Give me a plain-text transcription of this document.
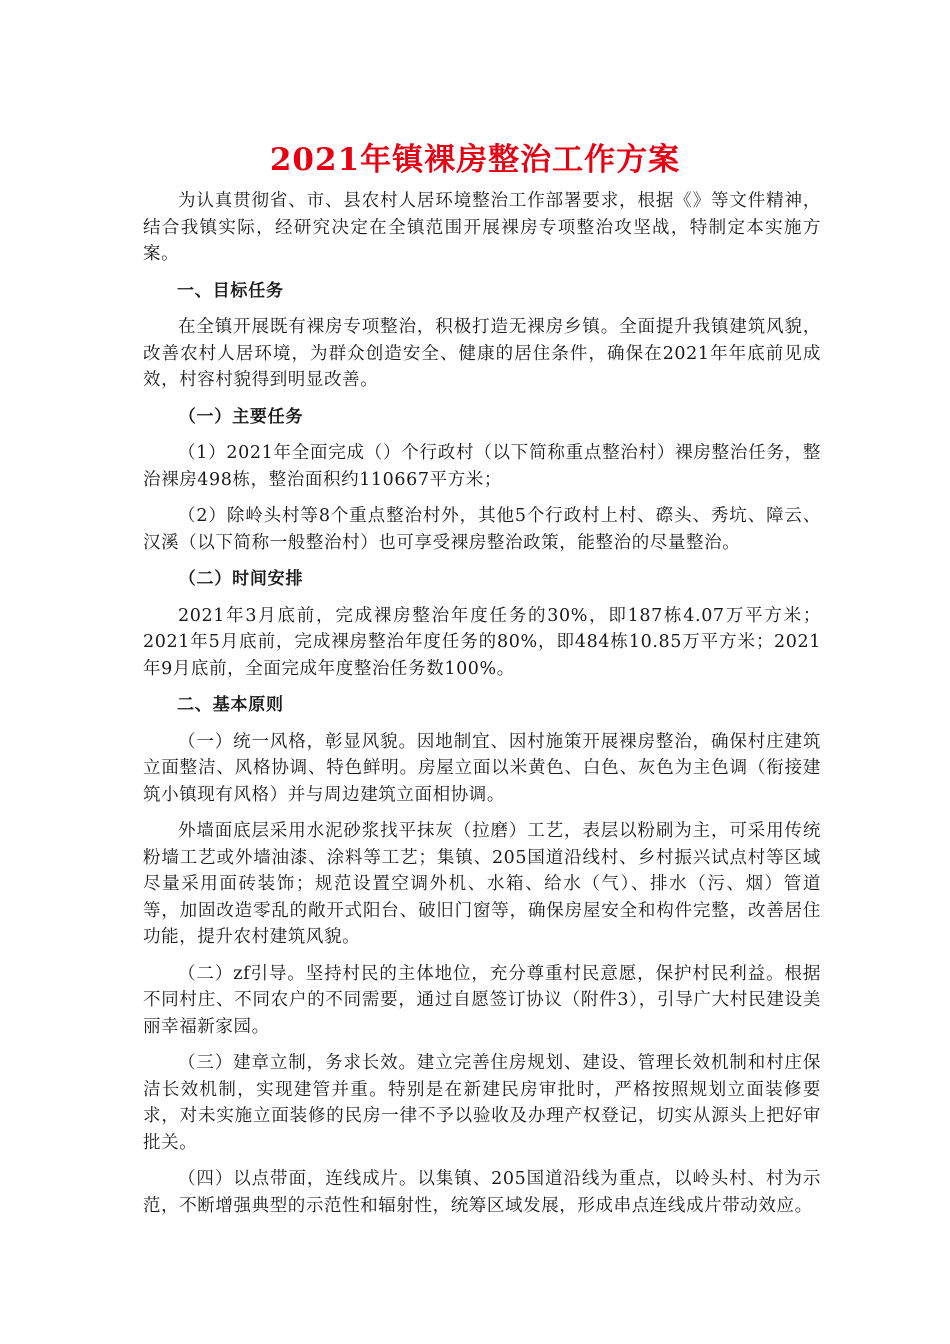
2021年镇裸房整治工作方案

为认真贯彻省、市、县农村人居环境整治工作部署要求，根据《》等文件精神，结合我镇实际，经研究决定在全镇范围开展裸房专项整治攻坚战，特制定本实施方案。

一、目标任务

在全镇开展既有裸房专项整治，积极打造无裸房乡镇。全面提升我镇建筑风貌，改善农村人居环境，为群众创造安全、健康的居住条件，确保在2021年年底前见成效，村容村貌得到明显改善。

（一）主要任务

（1）2021年全面完成（）个行政村（以下简称重点整治村）裸房整治任务，整治裸房498栋，整治面积约110667平方米；

（2）除岭头村等8个重点整治村外，其他5个行政村上村、磜头、秀坑、障云、汉溪（以下简称一般整治村）也可享受裸房整治政策，能整治的尽量整治。

（二）时间安排

2021年3月底前，完成裸房整治年度任务的30%，即187栋4.07万平方米；2021年5月底前，完成裸房整治年度任务的80%，即484栋10.85万平方米；2021年9月底前，全面完成年度整治任务数100%。

二、基本原则

（一）统一风格，彰显风貌。因地制宜、因村施策开展裸房整治，确保村庄建筑立面整洁、风格协调、特色鲜明。房屋立面以米黄色、白色、灰色为主色调（衔接建筑小镇现有风格）并与周边建筑立面相协调。

外墙面底层采用水泥砂浆找平抹灰（拉磨）工艺，表层以粉刷为主，可采用传统粉墙工艺或外墙油漆、涂料等工艺；集镇、205国道沿线村、乡村振兴试点村等区域尽量采用面砖装饰；规范设置空调外机、水箱、给水（气）、排水（污、烟）管道等，加固改造零乱的敞开式阳台、破旧门窗等，确保房屋安全和构件完整，改善居住功能，提升农村建筑风貌。

（二）zf引导。坚持村民的主体地位，充分尊重村民意愿，保护村民利益。根据不同村庄、不同农户的不同需要，通过自愿签订协议（附件3），引导广大村民建设美丽幸福新家园。

（三）建章立制，务求长效。建立完善住房规划、建设、管理长效机制和村庄保洁长效机制，实现建管并重。特别是在新建民房审批时，严格按照规划立面装修要求，对未实施立面装修的民房一律不予以验收及办理产权登记，切实从源头上把好审批关。

（四）以点带面，连线成片。以集镇、205国道沿线为重点，以岭头村、村为示范，不断增强典型的示范性和辐射性，统筹区域发展，形成串点连线成片带动效应。
